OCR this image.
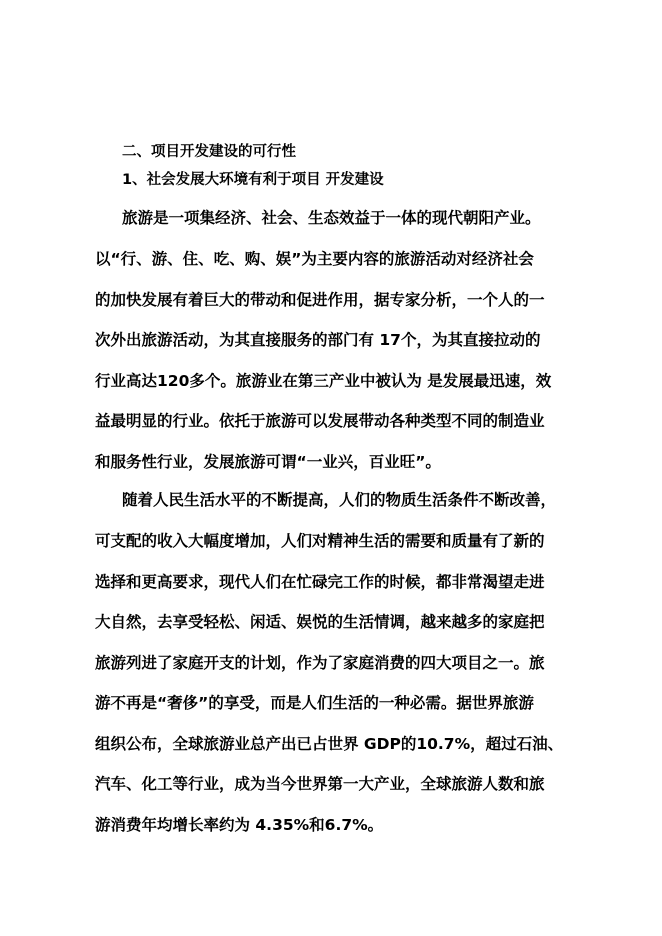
二、项目开发建设的可行性
1、社会发展大环境有利于项目 开发建设
旅游是一项集经济、社会、生态效益于一体的现代朝阳产业。
以“行、游、住、吃、购、娱”为主要内容的旅游活动对经济社会
的加快发展有着巨大的带动和促进作用，据专家分析，一个人的一
次外出旅游活动，为其直接服务的部门有 17个，为其直接拉动的
行业高达120多个。旅游业在第三产业中被认为 是发展最迅速，效
益最明显的行业。依托于旅游可以发展带动各种类型不同的制造业
和服务性行业，发展旅游可谓“一业兴，百业旺”。
随着人民生活水平的不断提高，人们的物质生活条件不断改善，
可支配的收入大幅度增加，人们对精神生活的需要和质量有了新的
选择和更高要求，现代人们在忙碌完工作的时候，都非常渴望走进
大自然，去享受轻松、闲适、娱悦的生活情调，越来越多的家庭把
旅游列进了家庭开支的计划，作为了家庭消费的四大项目之一。旅
游不再是“奢侈”的享受，而是人们生活的一种必需。据世界旅游
组织公布，全球旅游业总产出已占世界 GDP的10.7%，超过石油、
汽车、化工等行业，成为当今世界第一大产业，全球旅游人数和旅
游消费年均增长率约为 4.35%和6.7%。
